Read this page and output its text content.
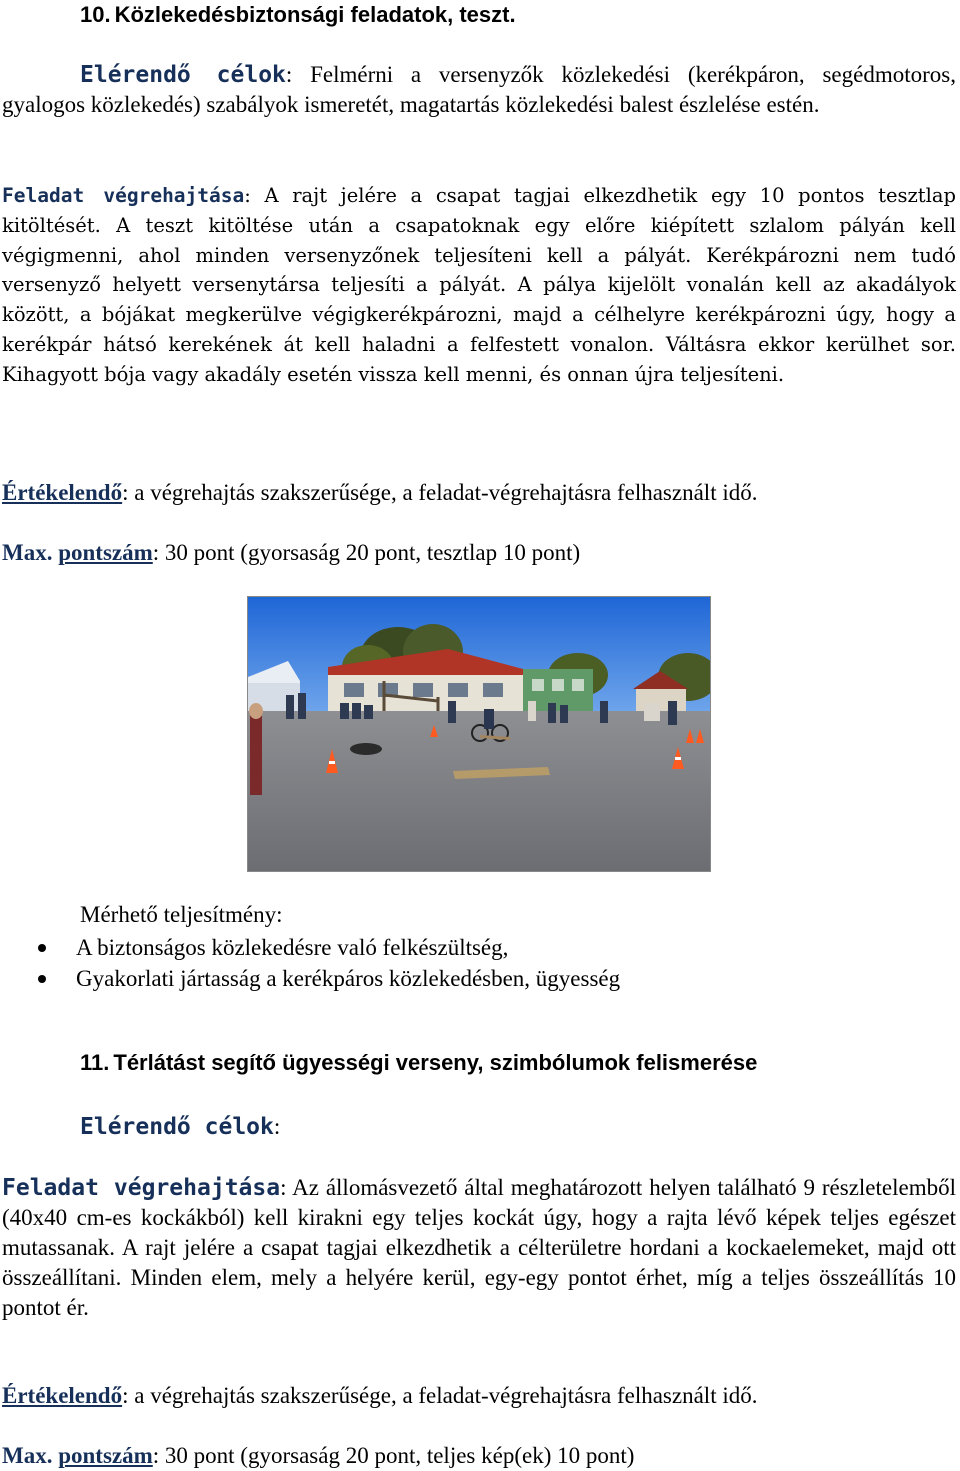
10. Közlekedésbiztonsági feladatok, teszt.

Elérendő célok: Felmérni a versenyzők közlekedési (kerékpáron, segédmotoros, gyalogos közlekedés) szabályok ismeretét, magatartás közlekedési balest észlelése estén.

Feladat végrehajtása: A rajt jelére a csapat tagjai elkezdhetik egy 10 pontos tesztlap kitöltését. A teszt kitöltése után a csapatoknak egy előre kiépített szlalom pályán kell végigmenni, ahol minden versenyzőnek teljesíteni kell a pályát. Kerékpározni nem tudó versenyző helyett versenytársa teljesíti a pályát. A pálya kijelölt vonalán kell az akadályok között, a bójákat megkerülve végigkerékpározni, majd a célhelyre kerékpározni úgy, hogy a kerékpár hátsó kerekének át kell haladni a felfestett vonalon. Váltásra ekkor kerülhet sor. Kihagyott bója vagy akadály esetén vissza kell menni, és onnan újra teljesíteni.

Értékelendő: a végrehajtás szakszerűsége, a feladat-végrehajtásra felhasznált idő.

Max. pontszám: 30 pont (gyorsaság 20 pont, tesztlap 10 pont)

Mérhető teljesítmény:
A biztonságos közlekedésre való felkészültség,
Gyakorlati jártasság a kerékpáros közlekedésben, ügyesség
11. Térlátást segítő ügyességi verseny, szimbólumok felismerése
Elérendő célok:

Feladat végrehajtása: Az állomásvezető által meghatározott helyen található 9 részletelemből (40x40 cm-es kockákból) kell kirakni egy teljes kockát úgy, hogy a rajta lévő képek teljes egészet mutassanak. A rajt jelére a csapat tagjai elkezdhetik a célterületre hordani a kockaelemeket, majd ott összeállítani. Minden elem, mely a helyére kerül, egy-egy pontot érhet, míg a teljes összeállítás 10 pontot ér.

Értékelendő: a végrehajtás szakszerűsége, a feladat-végrehajtásra felhasznált idő.

Max. pontszám: 30 pont (gyorsaság 20 pont, teljes kép(ek) 10 pont)
